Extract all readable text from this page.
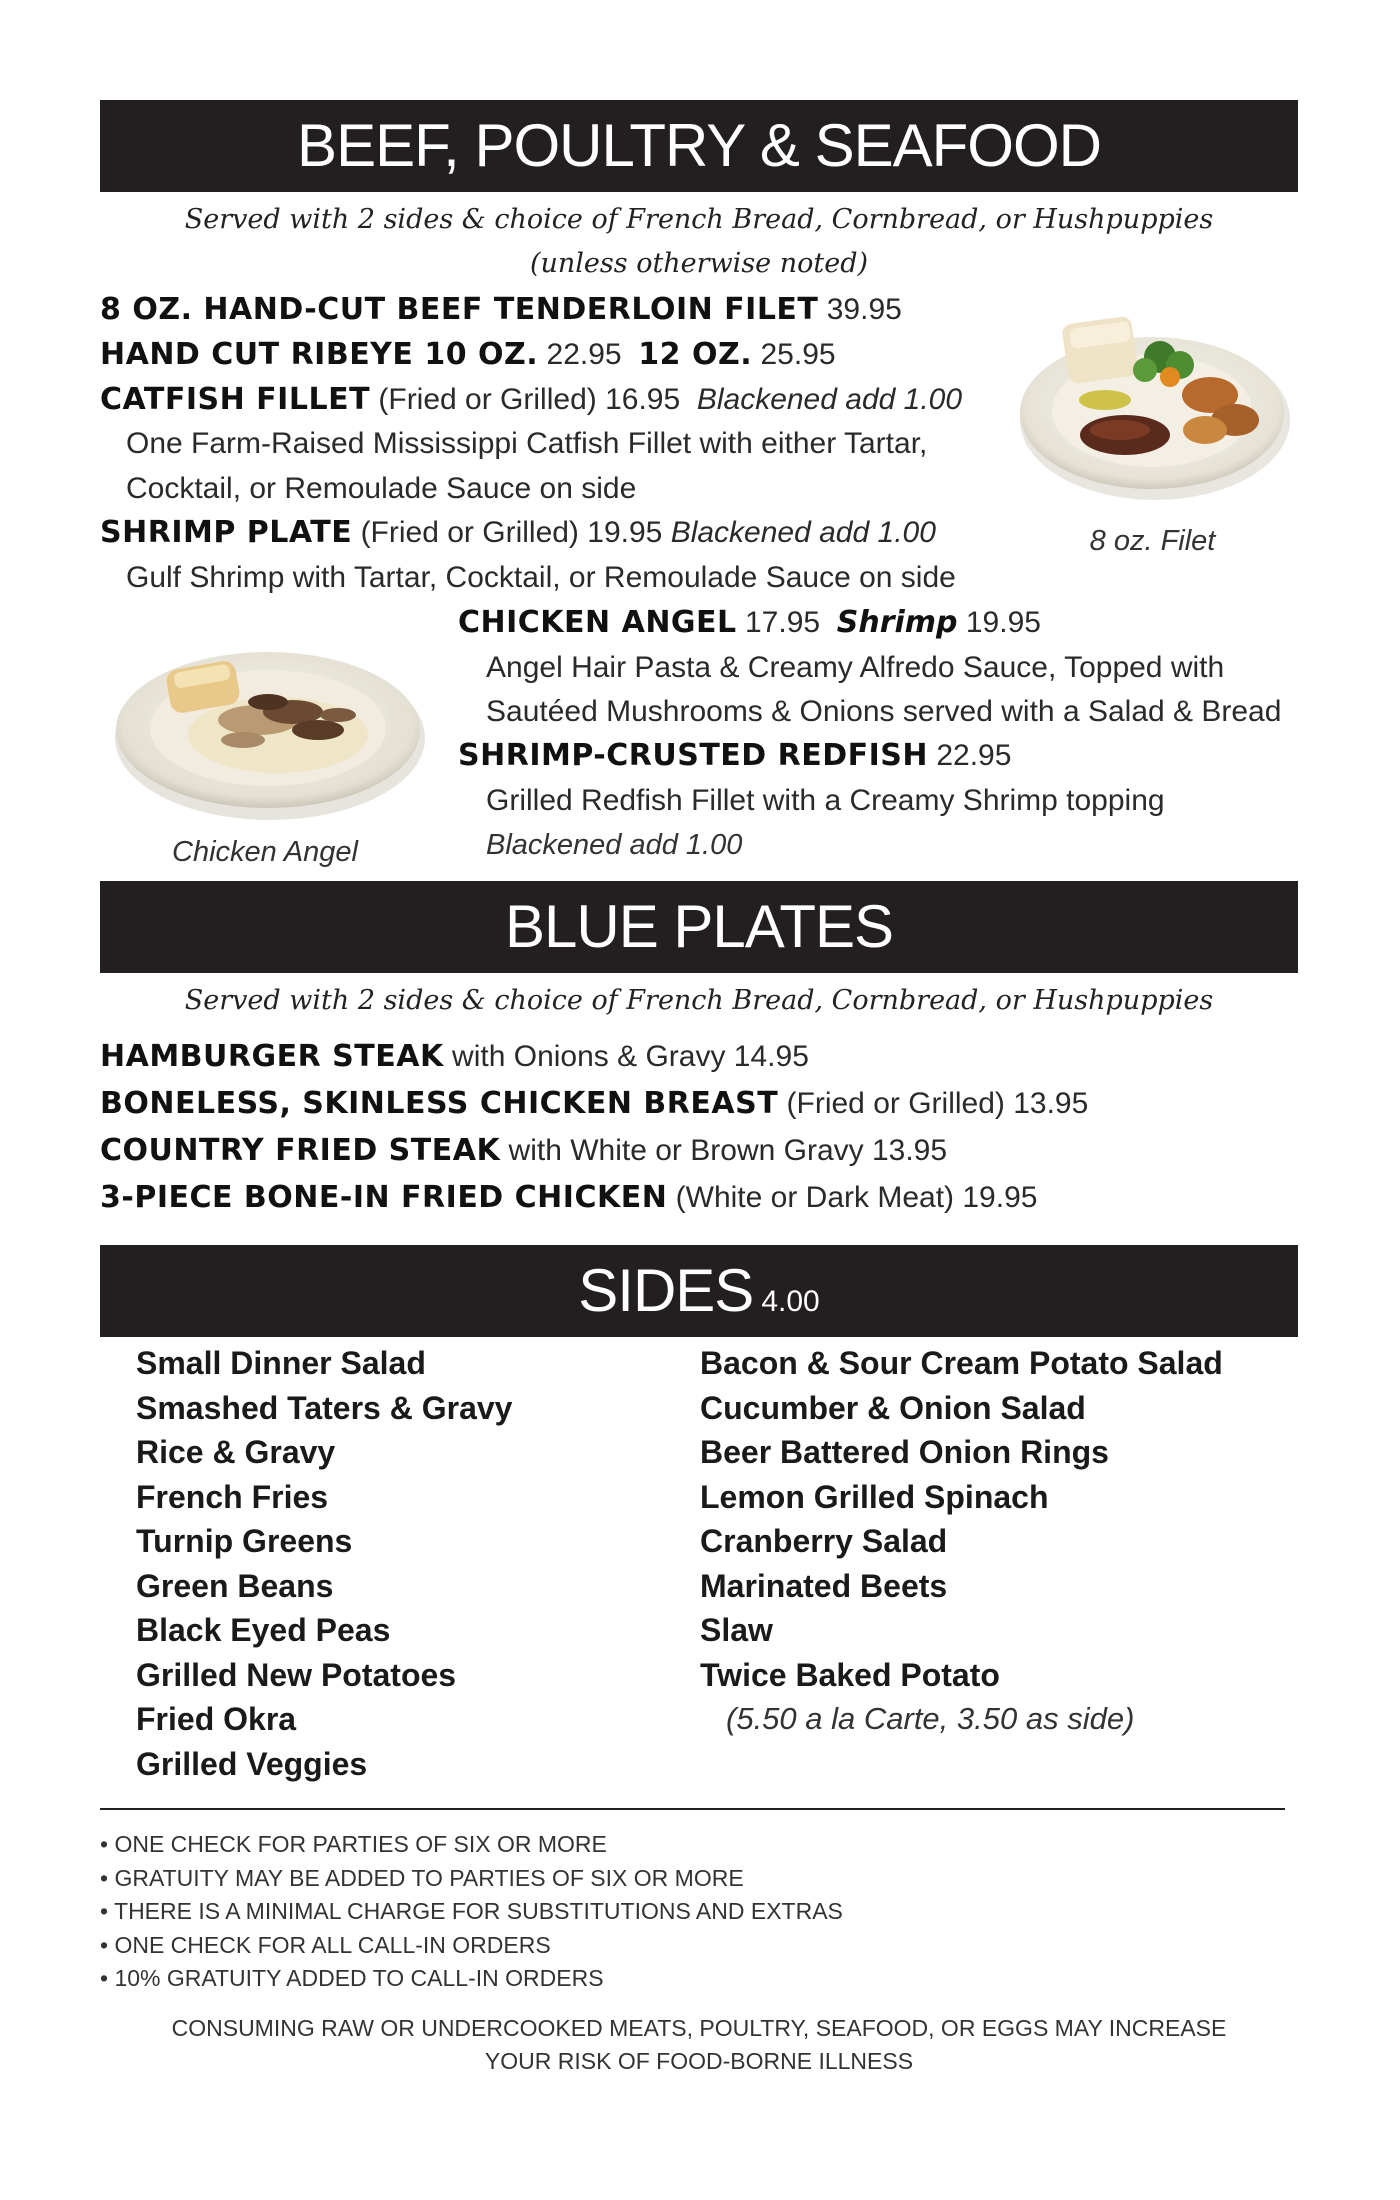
BEEF, POULTRY & SEAFOOD
Served with 2 sides & choice of French Bread, Cornbread, or Hushpuppies
(unless otherwise noted)
8 OZ. HAND-CUT BEEF TENDERLOIN FILET 39.95
HAND CUT RIBEYE 10 OZ. 22.95 12 OZ. 25.95
CATFISH FILLET (Fried or Grilled) 16.95 Blackened add 1.00
One Farm-Raised Mississippi Catfish Fillet with either Tartar,
Cocktail, or Remoulade Sauce on side
SHRIMP PLATE (Fried or Grilled) 19.95 Blackened add 1.00
Gulf Shrimp with Tartar, Cocktail, or Remoulade Sauce on side
8 oz. Filet
Chicken Angel
CHICKEN ANGEL 17.95 Shrimp 19.95
Angel Hair Pasta & Creamy Alfredo Sauce, Topped with
Sautéed Mushrooms & Onions served with a Salad & Bread
SHRIMP-CRUSTED REDFISH 22.95
Grilled Redfish Fillet with a Creamy Shrimp topping
Blackened add 1.00
BLUE PLATES
Served with 2 sides & choice of French Bread, Cornbread, or Hushpuppies
HAMBURGER STEAK with Onions & Gravy 14.95
BONELESS, SKINLESS CHICKEN BREAST (Fried or Grilled) 13.95
COUNTRY FRIED STEAK with White or Brown Gravy 13.95
3-PIECE BONE-IN FRIED CHICKEN (White or Dark Meat) 19.95
SIDES 4.00
Small Dinner Salad
Smashed Taters & Gravy
Rice & Gravy
French Fries
Turnip Greens
Green Beans
Black Eyed Peas
Grilled New Potatoes
Fried Okra
Grilled Veggies
Bacon & Sour Cream Potato Salad
Cucumber & Onion Salad
Beer Battered Onion Rings
Lemon Grilled Spinach
Cranberry Salad
Marinated Beets
Slaw
Twice Baked Potato
(5.50 a la Carte, 3.50 as side)
• ONE CHECK FOR PARTIES OF SIX OR MORE
• GRATUITY MAY BE ADDED TO PARTIES OF SIX OR MORE
• THERE IS A MINIMAL CHARGE FOR SUBSTITUTIONS AND EXTRAS
• ONE CHECK FOR ALL CALL-IN ORDERS
• 10% GRATUITY ADDED TO CALL-IN ORDERS
CONSUMING RAW OR UNDERCOOKED MEATS, POULTRY, SEAFOOD, OR EGGS MAY INCREASE
YOUR RISK OF FOOD-BORNE ILLNESS
